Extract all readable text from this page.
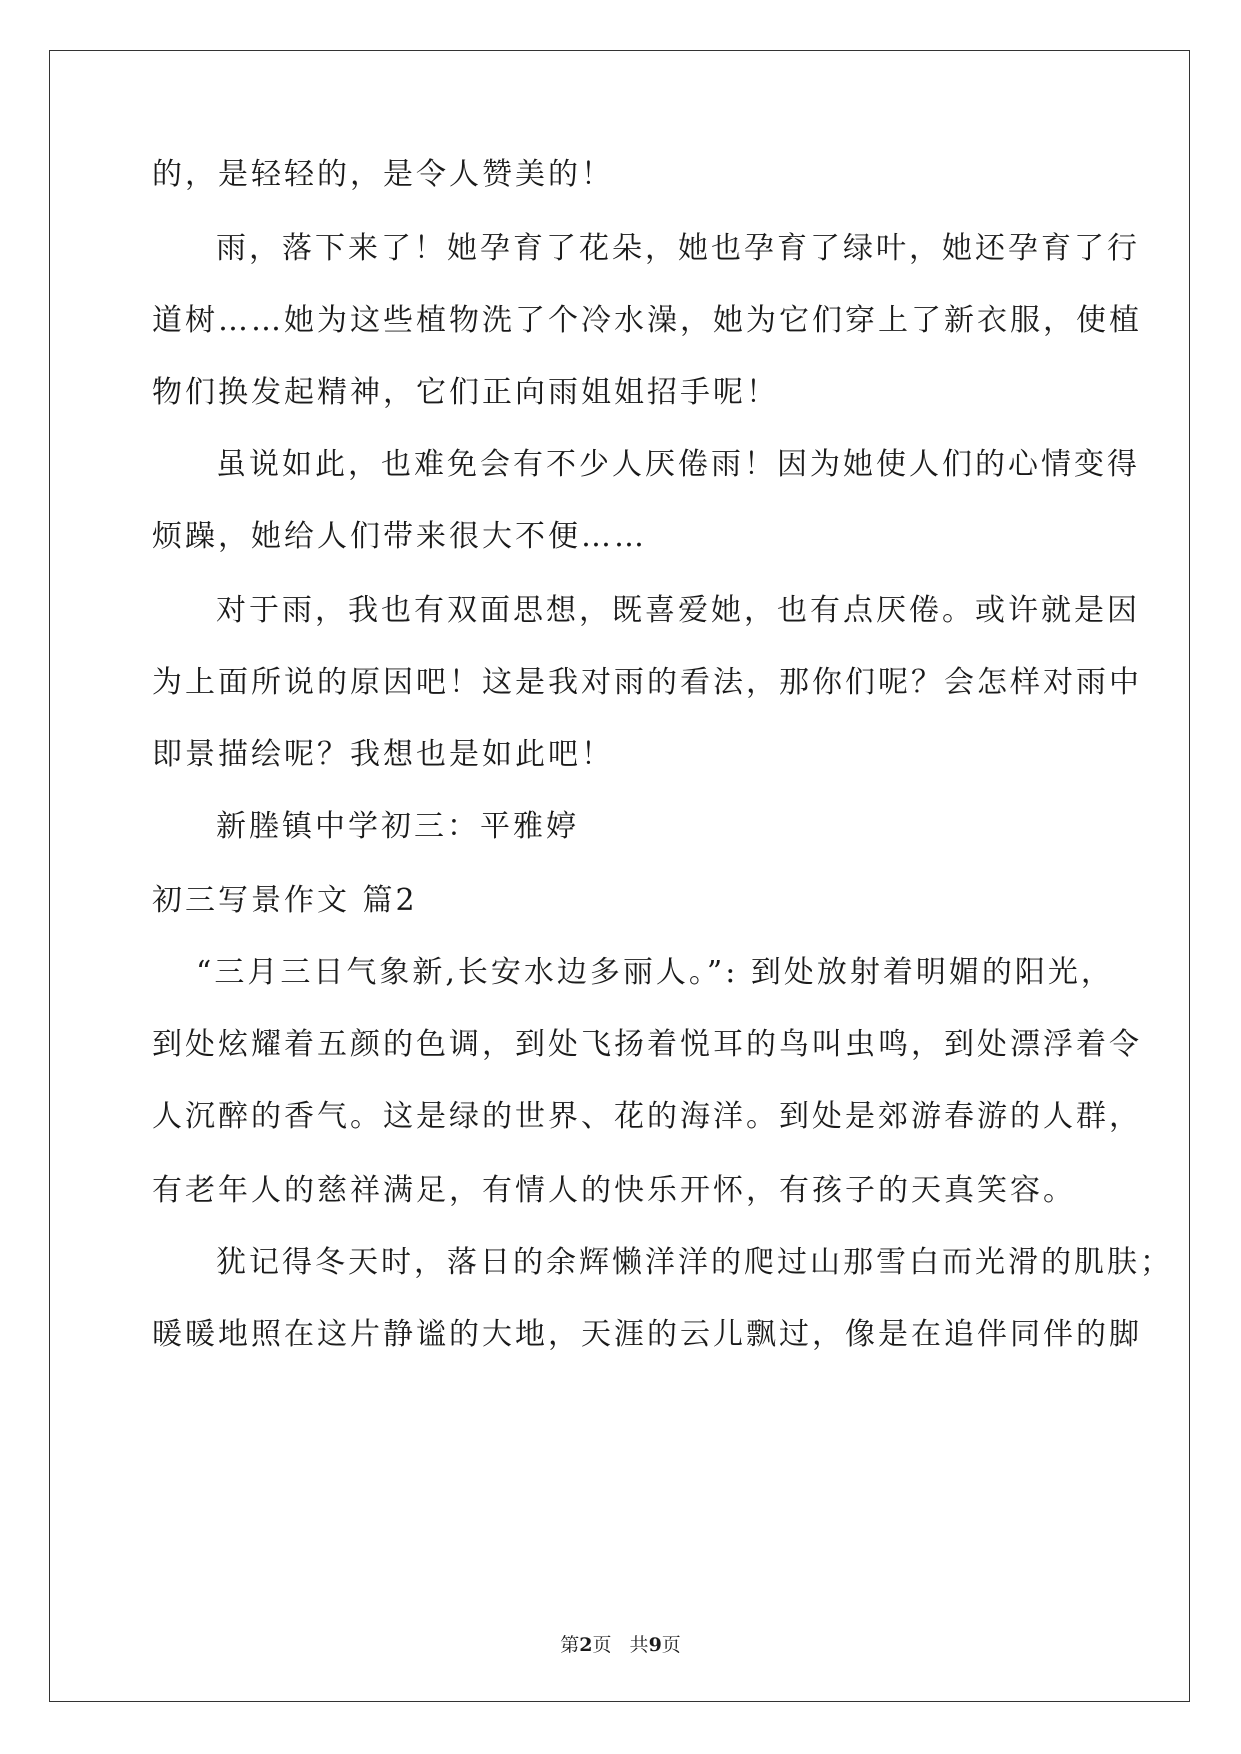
的，是轻轻的，是令人赞美的！
雨，落下来了！她孕育了花朵，她也孕育了绿叶，她还孕育了行
道树……她为这些植物洗了个冷水澡，她为它们穿上了新衣服，使植
物们换发起精神，它们正向雨姐姐招手呢！
虽说如此，也难免会有不少人厌倦雨！因为她使人们的心情变得
烦躁，她给人们带来很大不便……
对于雨，我也有双面思想，既喜爱她，也有点厌倦。或许就是因
为上面所说的原因吧！这是我对雨的看法，那你们呢？会怎样对雨中
即景描绘呢？我想也是如此吧！
新塍镇中学初三：平雅婷
初三写景作文 篇2
“三月三日气象新,长安水边多丽人。”: 到处放射着明媚的阳光，
到处炫耀着五颜的色调，到处飞扬着悦耳的鸟叫虫鸣，到处漂浮着令
人沉醉的香气。这是绿的世界、花的海洋。到处是郊游春游的人群，
有老年人的慈祥满足，有情人的快乐开怀，有孩子的天真笑容。
犹记得冬天时，落日的余辉懒洋洋的爬过山那雪白而光滑的肌肤；
暖暖地照在这片静谧的大地，天涯的云儿飘过，像是在追伴同伴的脚
第2页   共9页
